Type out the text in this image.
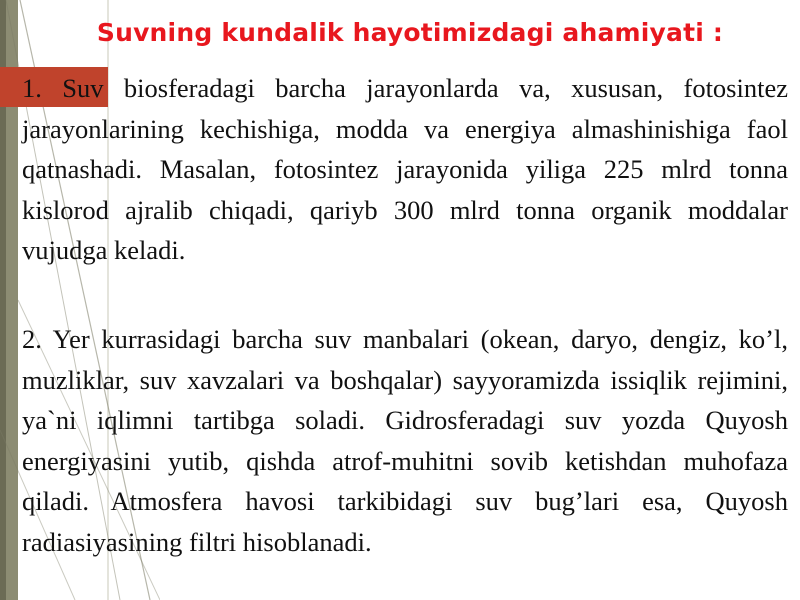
Suvning kundalik hayotimizdagi ahamiyati :
1. Suv biosferadagi barcha jarayonlarda va, xususan, fotosintez jarayonlarining kechishiga, modda va energiya almashinishiga faol qatnashadi. Masalan, fotosintez jarayonida yiliga 225 mlrd tonna kislorod ajralib chiqadi, qariyb 300 mlrd tonna organik moddalar vujudga keladi.
2. Yer kurrasidagi barcha suv manbalari (okean, daryo, dengiz, ko’l, muzliklar, suv xavzalari va boshqalar) sayyoramizda issiqlik rejimini, ya`ni iqlimni tartibga soladi. Gidrosferadagi suv yozda Quyosh energiyasini yutib, qishda atrof-muhitni sovib ketishdan muhofaza qiladi. Atmosfera havosi tarkibidagi suv bug’lari esa, Quyosh radiasiyasining filtri hisoblanadi.
